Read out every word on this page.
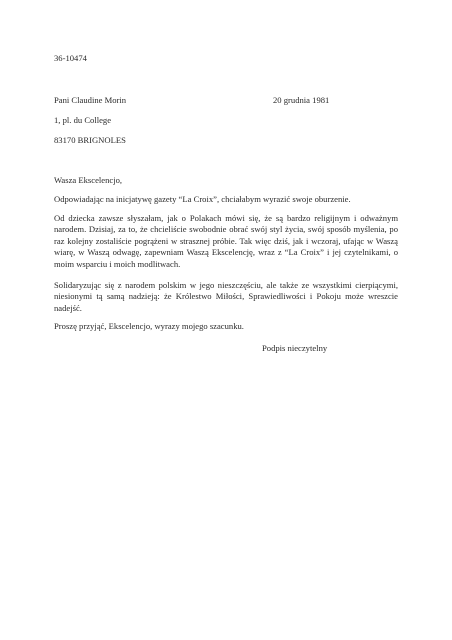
36-10474
Pani Claudine Morin	20 grudnia 1981
1, pl. du College
83170 BRIGNOLES
Wasza Ekscelencjo,
Odpowiadając na inicjatywę gazety “La Croix”, chciałabym wyrazić swoje oburzenie.
Od dziecka zawsze słyszałam, jak o Polakach mówi się, że są bardzo religijnym i odważnym narodem. Dzisiaj, za to, że chcieliście swobodnie obrać swój styl życia, swój sposób myślenia, po raz kolejny zostaliście pogrążeni w strasznej próbie. Tak więc dziś, jak i wczoraj, ufając w Waszą wiarę, w Waszą odwagę, zapewniam Waszą Ekscelencję, wraz z “La Croix” i jej czytelnikami, o moim wsparciu i moich modlitwach.
Solidaryzując się z narodem polskim w jego nieszczęściu, ale także ze wszystkimi cierpiącymi, niesionymi tą samą nadzieją: że Królestwo Miłości, Sprawiedliwości i Pokoju może wreszcie nadejść.
Proszę przyjąć, Ekscelencjo, wyrazy mojego szacunku.
Podpis nieczytelny
